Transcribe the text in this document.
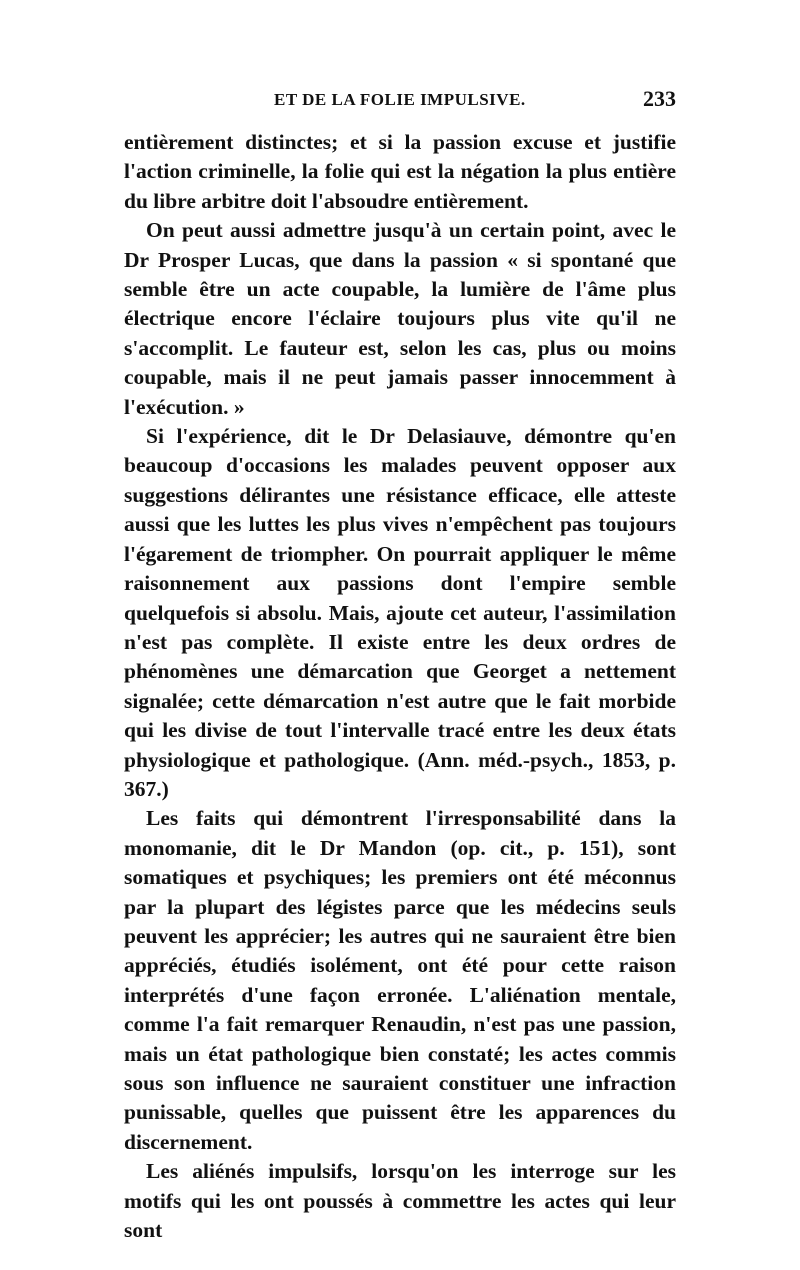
ET DE LA FOLIE IMPULSIVE.	233

entièrement distinctes; et si la passion excuse et justifie l'action criminelle, la folie qui est la négation la plus entière du libre arbitre doit l'absoudre entièrement.

On peut aussi admettre jusqu'à un certain point, avec le Dr Prosper Lucas, que dans la passion « si spontané que semble être un acte coupable, la lumière de l'âme plus électrique encore l'éclaire toujours plus vite qu'il ne s'accomplit. Le fauteur est, selon les cas, plus ou moins coupable, mais il ne peut jamais passer innocemment à l'exécution. »

Si l'expérience, dit le Dr Delasiauve, démontre qu'en beaucoup d'occasions les malades peuvent opposer aux suggestions délirantes une résistance efficace, elle atteste aussi que les luttes les plus vives n'empêchent pas toujours l'égarement de triompher. On pourrait appliquer le même raisonnement aux passions dont l'empire semble quelquefois si absolu. Mais, ajoute cet auteur, l'assimilation n'est pas complète. Il existe entre les deux ordres de phénomènes une démarcation que Georget a nettement signalée; cette démarcation n'est autre que le fait morbide qui les divise de tout l'intervalle tracé entre les deux états physiologique et pathologique. (Ann. méd.-psych., 1853, p. 367.)

Les faits qui démontrent l'irresponsabilité dans la monomanie, dit le Dr Mandon (op. cit., p. 151), sont somatiques et psychiques; les premiers ont été méconnus par la plupart des légistes parce que les médecins seuls peuvent les apprécier; les autres qui ne sauraient être bien appréciés, étudiés isolément, ont été pour cette raison interprétés d'une façon erronée. L'aliénation mentale, comme l'a fait remarquer Renaudin, n'est pas une passion, mais un état pathologique bien constaté; les actes commis sous son influence ne sauraient constituer une infraction punissable, quelles que puissent être les apparences du discernement.

Les aliénés impulsifs, lorsqu'on les interroge sur les motifs qui les ont poussés à commettre les actes qui leur sont
